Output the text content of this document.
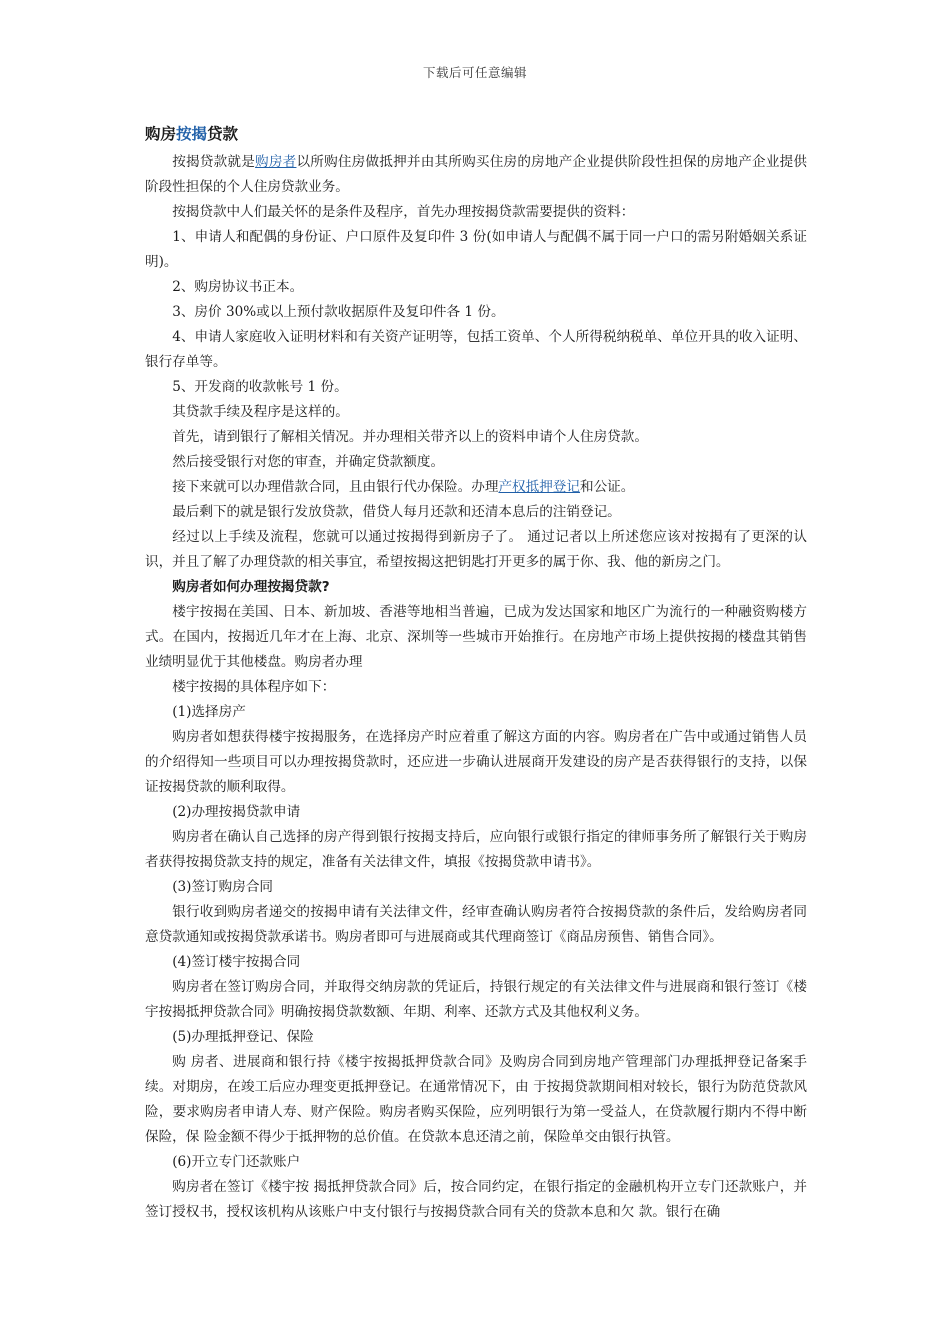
下载后可任意编辑
购房按揭贷款

按揭贷款就是购房者以所购住房做抵押并由其所购买住房的房地产企业提供阶段性担保的房地产企业提供阶段性担保的个人住房贷款业务。

按揭贷款中人们最关怀的是条件及程序，首先办理按揭贷款需要提供的资料：

1、申请人和配偶的身份证、户口原件及复印件 3 份(如申请人与配偶不属于同一户口的需另附婚姻关系证明)。

2、购房协议书正本。

3、房价 30%或以上预付款收据原件及复印件各 1 份。

4、申请人家庭收入证明材料和有关资产证明等，包括工资单、个人所得税纳税单、单位开具的收入证明、银行存单等。

5、开发商的收款帐号 1 份。

其贷款手续及程序是这样的。

首先，请到银行了解相关情况。并办理相关带齐以上的资料申请个人住房贷款。

然后接受银行对您的审查，并确定贷款额度。

接下来就可以办理借款合同，且由银行代办保险。办理产权抵押登记和公证。

最后剩下的就是银行发放贷款，借贷人每月还款和还清本息后的注销登记。

经过以上手续及流程，您就可以通过按揭得到新房子了。 通过记者以上所述您应该对按揭有了更深的认识，并且了解了办理贷款的相关事宜，希望按揭这把钥匙打开更多的属于你、我、他的新房之门。

购房者如何办理按揭贷款?

楼宇按揭在美国、日本、新加坡、香港等地相当普遍，已成为发达国家和地区广为流行的一种融资购楼方式。在国内，按揭近几年才在上海、北京、深圳等一些城市开始推行。在房地产市场上提供按揭的楼盘其销售业绩明显优于其他楼盘。购房者办理

楼宇按揭的具体程序如下：

(1)选择房产

购房者如想获得楼宇按揭服务，在选择房产时应着重了解这方面的内容。购房者在广告中或通过销售人员的介绍得知一些项目可以办理按揭贷款时，还应进一步确认进展商开发建设的房产是否获得银行的支持，以保证按揭贷款的顺利取得。

(2)办理按揭贷款申请

购房者在确认自己选择的房产得到银行按揭支持后，应向银行或银行指定的律师事务所了解银行关于购房者获得按揭贷款支持的规定，准备有关法律文件，填报《按揭贷款申请书》。

(3)签订购房合同

银行收到购房者递交的按揭申请有关法律文件，经审查确认购房者符合按揭贷款的条件后，发给购房者同意贷款通知或按揭贷款承诺书。购房者即可与进展商或其代理商签订《商品房预售、销售合同》。

(4)签订楼宇按揭合同

购房者在签订购房合同，并取得交纳房款的凭证后，持银行规定的有关法律文件与进展商和银行签订《楼宇按揭抵押贷款合同》明确按揭贷款数额、年期、利率、还款方式及其他权利义务。

(5)办理抵押登记、保险

购 房者、进展商和银行持《楼宇按揭抵押贷款合同》及购房合同到房地产管理部门办理抵押登记备案手续。对期房，在竣工后应办理变更抵押登记。在通常情况下，由 于按揭贷款期间相对较长，银行为防范贷款风险，要求购房者申请人寿、财产保险。购房者购买保险，应列明银行为第一受益人，在贷款履行期内不得中断保险，保 险金额不得少于抵押物的总价值。在贷款本息还清之前，保险单交由银行执管。

(6)开立专门还款账户

购房者在签订《楼宇按 揭抵押贷款合同》后，按合同约定，在银行指定的金融机构开立专门还款账户，并签订授权书，授权该机构从该账户中支付银行与按揭贷款合同有关的贷款本息和欠 款。银行在确
